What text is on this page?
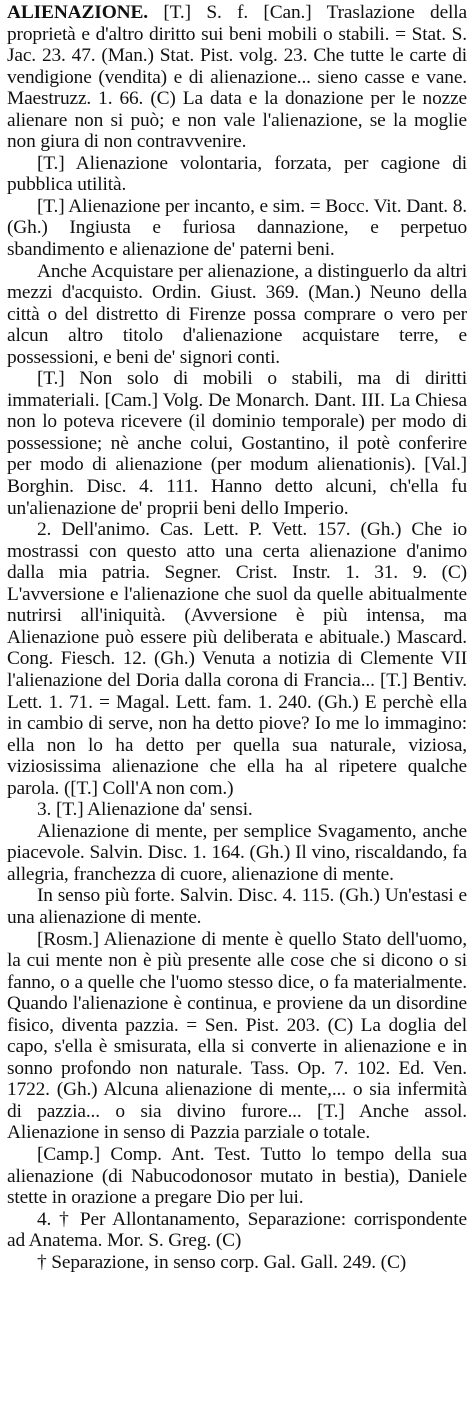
ALIENAZIONE. [T.] S. f. [Can.] Traslazione della proprietà e d'altro diritto sui beni mobili o stabili. = Stat. S. Jac. 23. 47. (Man.) Stat. Pist. volg. 23. Che tutte le carte di vendigione (vendita) e di alienazione... sieno casse e vane. Maestruzz. 1. 66. (C) La data e la donazione per le nozze alienare non si può; e non vale l'alienazione, se la moglie non giura di non contravvenire.

[T.] Alienazione volontaria, forzata, per cagione di pubblica utilità.

[T.] Alienazione per incanto, e sim. = Bocc. Vit. Dant. 8. (Gh.) Ingiusta e furiosa dannazione, e perpetuo sbandimento e alienazione de' paterni beni.

Anche Acquistare per alienazione, a distinguerlo da altri mezzi d'acquisto. Ordin. Giust. 369. (Man.) Neuno della città o del distretto di Firenze possa comprare o vero per alcun altro titolo d'alienazione acquistare terre, e possessioni, e beni de' signori conti.

[T.] Non solo di mobili o stabili, ma di diritti immateriali. [Cam.] Volg. De Monarch. Dant. III. La Chiesa non lo poteva ricevere (il dominio temporale) per modo di possessione; nè anche colui, Gostantino, il potè conferire per modo di alienazione (per modum alienationis). [Val.] Borghin. Disc. 4. 111. Hanno detto alcuni, ch'ella fu un'alienazione de' proprii beni dello Imperio.

2. Dell'animo. Cas. Lett. P. Vett. 157. (Gh.) Che io mostrassi con questo atto una certa alienazione d'animo dalla mia patria. Segner. Crist. Instr. 1. 31. 9. (C) L'avversione e l'alienazione che suol da quelle abitualmente nutrirsi all'iniquità. (Avversione è più intensa, ma Alienazione può essere più deliberata e abituale.) Mascard. Cong. Fiesch. 12. (Gh.) Venuta a notizia di Clemente VII l'alienazione del Doria dalla corona di Francia... [T.] Bentiv. Lett. 1. 71. = Magal. Lett. fam. 1. 240. (Gh.) E perchè ella in cambio di serve, non ha detto piove? Io me lo immagino: ella non lo ha detto per quella sua naturale, viziosa, viziosissima alienazione che ella ha al ripetere qualche parola. ([T.] Coll'A non com.)

3. [T.] Alienazione da' sensi.

Alienazione di mente, per semplice Svagamento, anche piacevole. Salvin. Disc. 1. 164. (Gh.) Il vino, riscaldando, fa allegria, franchezza di cuore, alienazione di mente.

In senso più forte. Salvin. Disc. 4. 115. (Gh.) Un'estasi e una alienazione di mente.

[Rosm.] Alienazione di mente è quello Stato dell'uomo, la cui mente non è più presente alle cose che si dicono o si fanno, o a quelle che l'uomo stesso dice, o fa materialmente. Quando l'alienazione è continua, e proviene da un disordine fisico, diventa pazzia. = Sen. Pist. 203. (C) La doglia del capo, s'ella è smisurata, ella si converte in alienazione e in sonno profondo non naturale. Tass. Op. 7. 102. Ed. Ven. 1722. (Gh.) Alcuna alienazione di mente,... o sia infermità di pazzia... o sia divino furore... [T.] Anche assol. Alienazione in senso di Pazzia parziale o totale.

[Camp.] Comp. Ant. Test. Tutto lo tempo della sua alienazione (di Nabucodonosor mutato in bestia), Daniele stette in orazione a pregare Dio per lui.

4. † Per Allontanamento, Separazione: corrispondente ad Anatema. Mor. S. Greg. (C)

† Separazione, in senso corp. Gal. Gall. 249. (C)
